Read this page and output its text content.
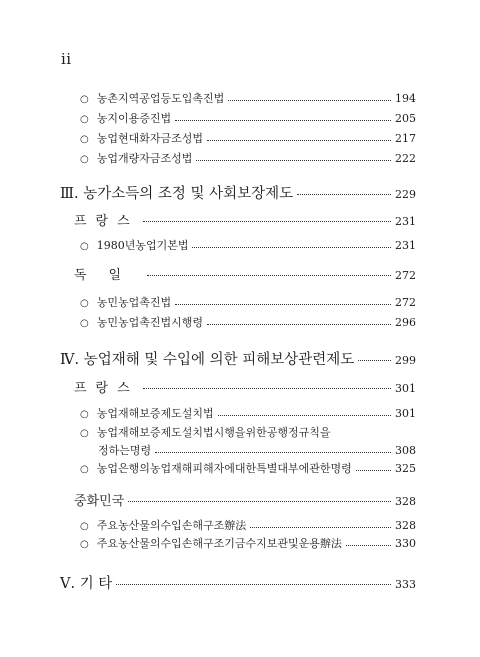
ii
○ 농촌지역공업등도입촉진법	194
○ 농지이용증진법	205
○ 농업현대화자금조성법	217
○ 농업개량자금조성법	222
Ⅲ. 농가소득의 조정 및 사회보장제도	229
프랑스	231
○ 1980년농업기본법	231
독일	272
○ 농민농업촉진법	272
○ 농민농업촉진법시행령	296
Ⅳ. 농업재해 및 수입에 의한 피해보상관련제도	299
프랑스	301
○ 농업재해보증제도설치법	301
○ 농업재해보증제도설치법시행을위한공행정규칙을
정하는명령	308
○ 농업은행의농업재해피해자에대한특별대부에관한명령	325
중화민국	328
○ 주요농산물의수입손해구조辦法	328
○ 주요농산물의수입손해구조기금수지보관및운용辦法	330
Ⅴ. 기 타	333
